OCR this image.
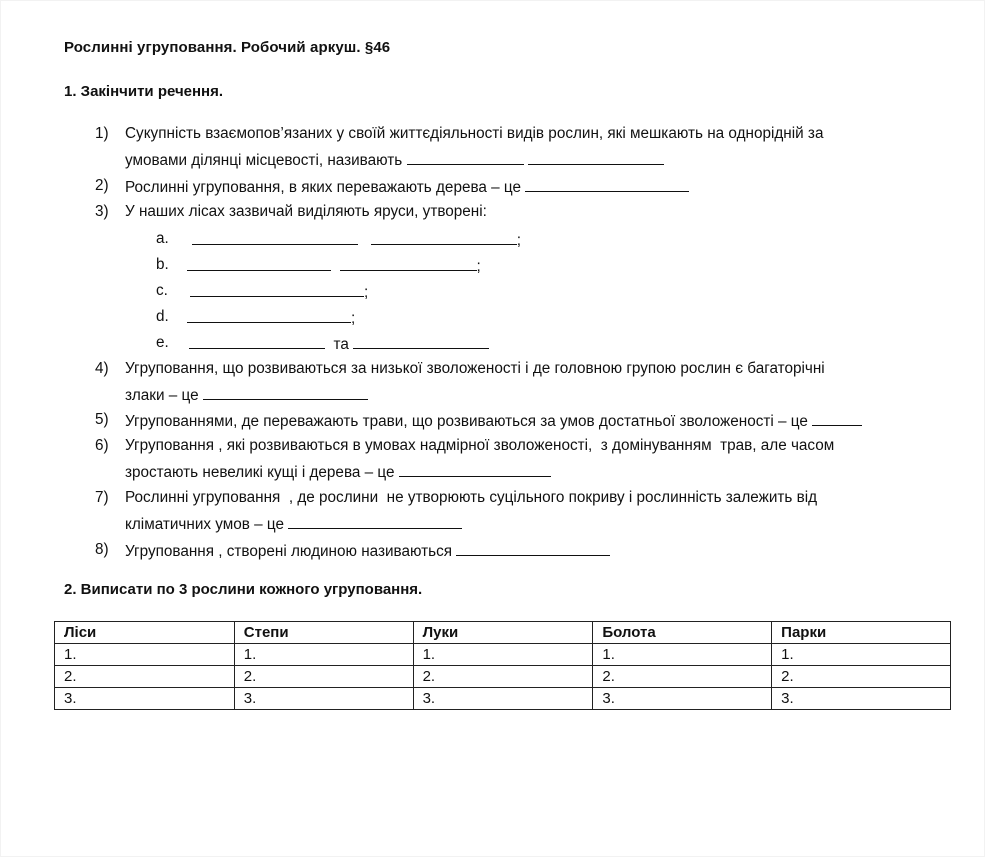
Рослинні угруповання. Робочий аркуш. §46
1. Закінчити речення.
1) Сукупність взаємопов’язаних у своїй життєдіяльності видів рослин, які мешкають на однорідній за
умовами ділянці місцевості, називають
2) Рослинні угруповання, в яких переважають дерева – це
3) У наших лісах зазвичай виділяють яруси, утворені:
a.	;
b.	;
c.	;
d.	;
e.	та
4) Угруповання, що розвиваються за низької зволоженості і де головною групою рослин є багаторічні
злаки – це
5) Угрупованнями, де переважають трави, що розвиваються за умов достатньої зволоженості – це
6) Угруповання , які розвиваються в умовах надмірної зволоженості,  з домінуванням  трав, але часом
зростають невеликі кущі і дерева – це
7) Рослинні угруповання  , де рослини  не утворюють суцільного покриву і рослинність залежить від
кліматичних умов – це
8) Угруповання , створені людиною називаються
2. Виписати по 3 рослини кожного угруповання.
Ліси	Степи	Луки	Болота	Парки
1.	1.	1.	1.	1.
2.	2.	2.	2.	2.
3.	3.	3.	3.	3.
